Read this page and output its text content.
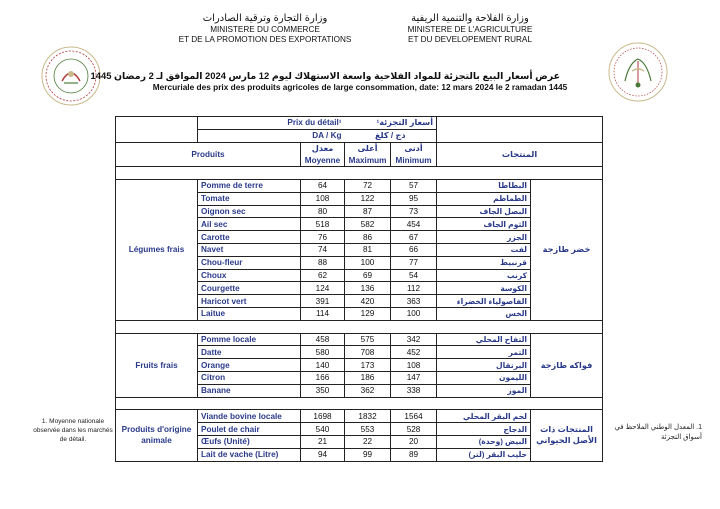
وزارة التجارة وترقية الصادرات
MINISTERE DU COMMERCE
ET DE LA PROMOTION DES EXPORTATIONS
وزارة الفلاحة والتنمية الريفية
MINISTERE DE L'AGRICULTURE
ET DU DEVELOPEMENT RURAL
عرض أسعار البيع بالتجزئة للمواد الفلاحية واسعة الاستهلاك ليوم 12 مارس 2024 الموافق لـ 2 رمضان 1445
Mercuriale des prix des produits agricoles de large consommation, date: 12 mars 2024 le 2 ramadan 1445
	Prix du détail¹		أسعار التجزئة¹			
	DA / Kg		دج / كلغ			
Produits		معدل	أعلى	أدنى	المنتجات	
		Moyenne	Maximum	Minimum		

Légumes frais	Pomme de terre	64	72	57	البطاطا	خضر طازجة
	Tomate	108	122	95	الطماطم	
	Oignon sec	80	87	73	البصل الجاف	
	Ail sec	518	582	454	الثوم الجاف	
	Carotte	76	86	67	الجزر	
	Navet	74	81	66	لفت	
	Chou-fleur	88	100	77	قرنبيط	
	Choux	62	69	54	كرنب	
	Courgette	124	136	112	الكوسة	
	Haricot vert	391	420	363	الفاصولياء الخضراء	
	Laitue	114	129	100	الخس	

Fruits frais	Pomme locale	458	575	342	التفاح المحلي	فواكه طازجة
	Datte	580	708	452	التمر	
	Orange	140	173	108	البرتقال	
	Citron	166	186	147	الليمون	
	Banane	350	362	338	الموز	

Produits d'origine animale	Viande bovine locale	1698	1832	1564	لحم البقر المحلي	المنتجات ذات الأصل الحيواني
	Poulet de chair	540	553	528	الدجاج	
	Œufs (Unité)	21	22	20	البيض (وحدة)	
	Lait de vache (Litre)	94	99	89	حليب البقر (لتر)	
1. Moyenne nationale observée dans les marchés de détail.
1. المعدل الوطني الملاحظ في أسواق التجزئة
